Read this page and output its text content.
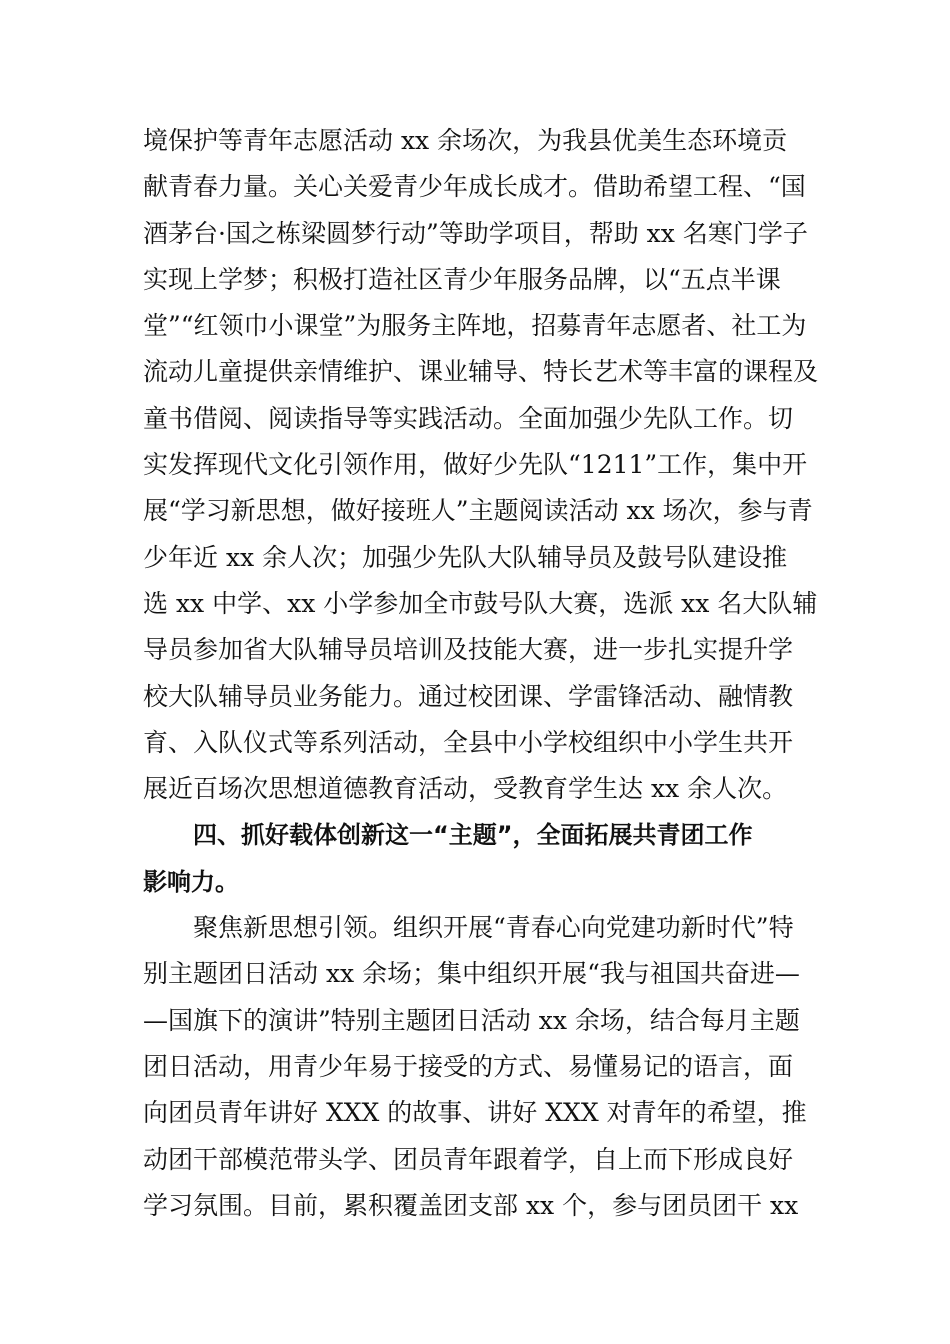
境保护等青年志愿活动 xx 余场次，为我县优美生态环境贡
献青春力量。关心关爱青少年成长成才。借助希望工程、“国
酒茅台·国之栋梁圆梦行动”等助学项目，帮助 xx 名寒门学子
实现上学梦；积极打造社区青少年服务品牌，以“五点半课
堂”“红领巾小课堂”为服务主阵地，招募青年志愿者、社工为
流动儿童提供亲情维护、课业辅导、特长艺术等丰富的课程及
童书借阅、阅读指导等实践活动。全面加强少先队工作。切
实发挥现代文化引领作用，做好少先队“1211”工作，集中开
展“学习新思想，做好接班人”主题阅读活动 xx 场次，参与青
少年近 xx 余人次；加强少先队大队辅导员及鼓号队建设推
选 xx 中学、xx 小学参加全市鼓号队大赛，选派 xx 名大队辅
导员参加省大队辅导员培训及技能大赛，进一步扎实提升学
校大队辅导员业务能力。通过校团课、学雷锋活动、融情教
育、入队仪式等系列活动，全县中小学校组织中小学生共开
展近百场次思想道德教育活动，受教育学生达 xx 余人次。
四、抓好载体创新这一“主题”，全面拓展共青团工作
影响力。
聚焦新思想引领。组织开展“青春心向党建功新时代”特
别主题团日活动 xx 余场；集中组织开展“我与祖国共奋进—
—国旗下的演讲”特别主题团日活动 xx 余场，结合每月主题
团日活动，用青少年易于接受的方式、易懂易记的语言，面
向团员青年讲好 XXX 的故事、讲好 XXX 对青年的希望，推
动团干部模范带头学、团员青年跟着学，自上而下形成良好
学习氛围。目前，累积覆盖团支部 xx 个，参与团员团干 xx
